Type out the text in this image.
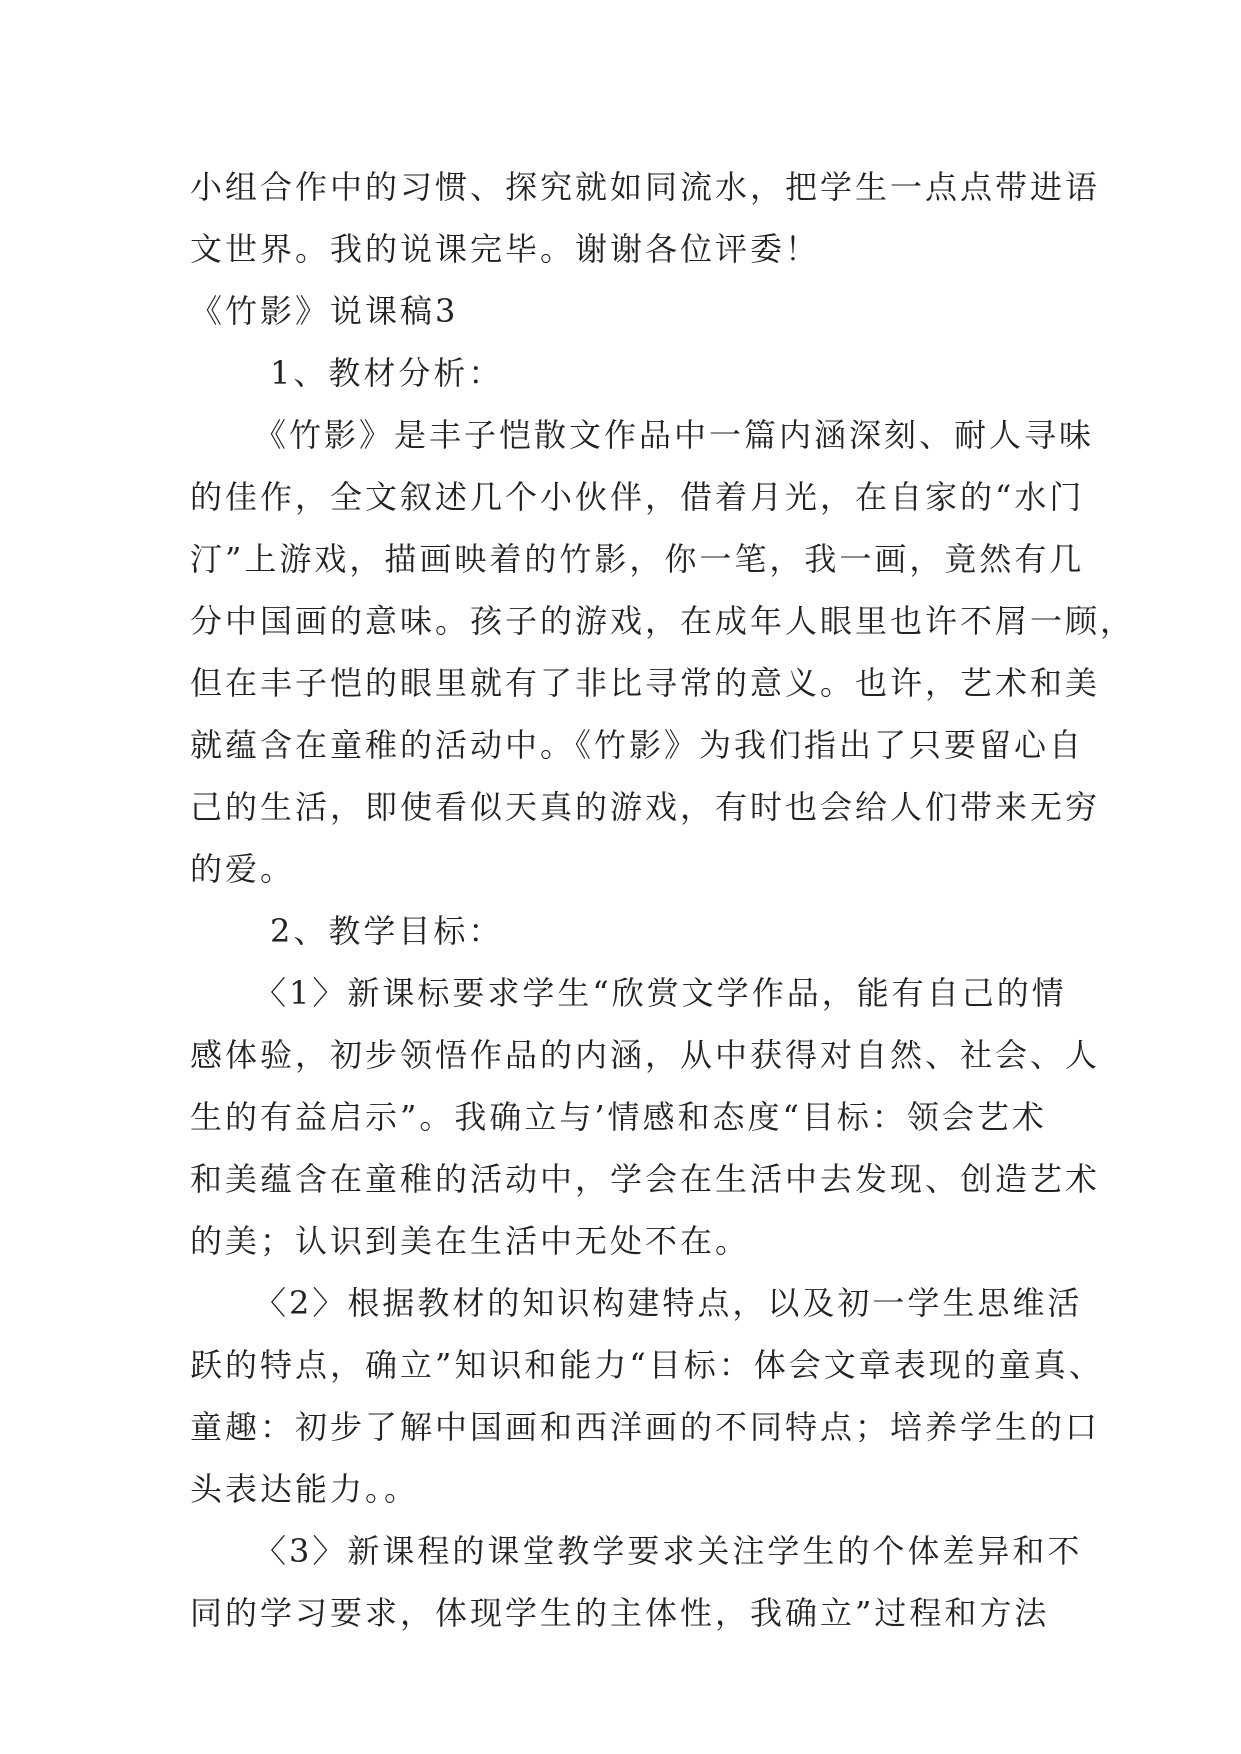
小组合作中的习惯、探究就如同流水，把学生一点点带进语
文世界。我的说课完毕。谢谢各位评委！
《竹影》说课稿3
1、教材分析：
《竹影》是丰子恺散文作品中一篇内涵深刻、耐人寻味
的佳作，全文叙述几个小伙伴，借着月光，在自家的“水门
汀”上游戏，描画映着的竹影，你一笔，我一画，竟然有几
分中国画的意味。孩子的游戏，在成年人眼里也许不屑一顾，
但在丰子恺的眼里就有了非比寻常的意义。也许，艺术和美
就蕴含在童稚的活动中。《竹影》为我们指出了只要留心自
己的生活，即使看似天真的游戏，有时也会给人们带来无穷
的爱。
2、教学目标：
〈1〉新课标要求学生“欣赏文学作品，能有自己的情
感体验，初步领悟作品的内涵，从中获得对自然、社会、人
生的有益启示”。我确立与’情感和态度“目标：领会艺术
和美蕴含在童稚的活动中，学会在生活中去发现、创造艺术
的美；认识到美在生活中无处不在。
〈2〉根据教材的知识构建特点，以及初一学生思维活
跃的特点，确立”知识和能力“目标：体会文章表现的童真、
童趣：初步了解中国画和西洋画的不同特点；培养学生的口
头表达能力。。
〈3〉新课程的课堂教学要求关注学生的个体差异和不
同的学习要求，体现学生的主体性，我确立”过程和方法
